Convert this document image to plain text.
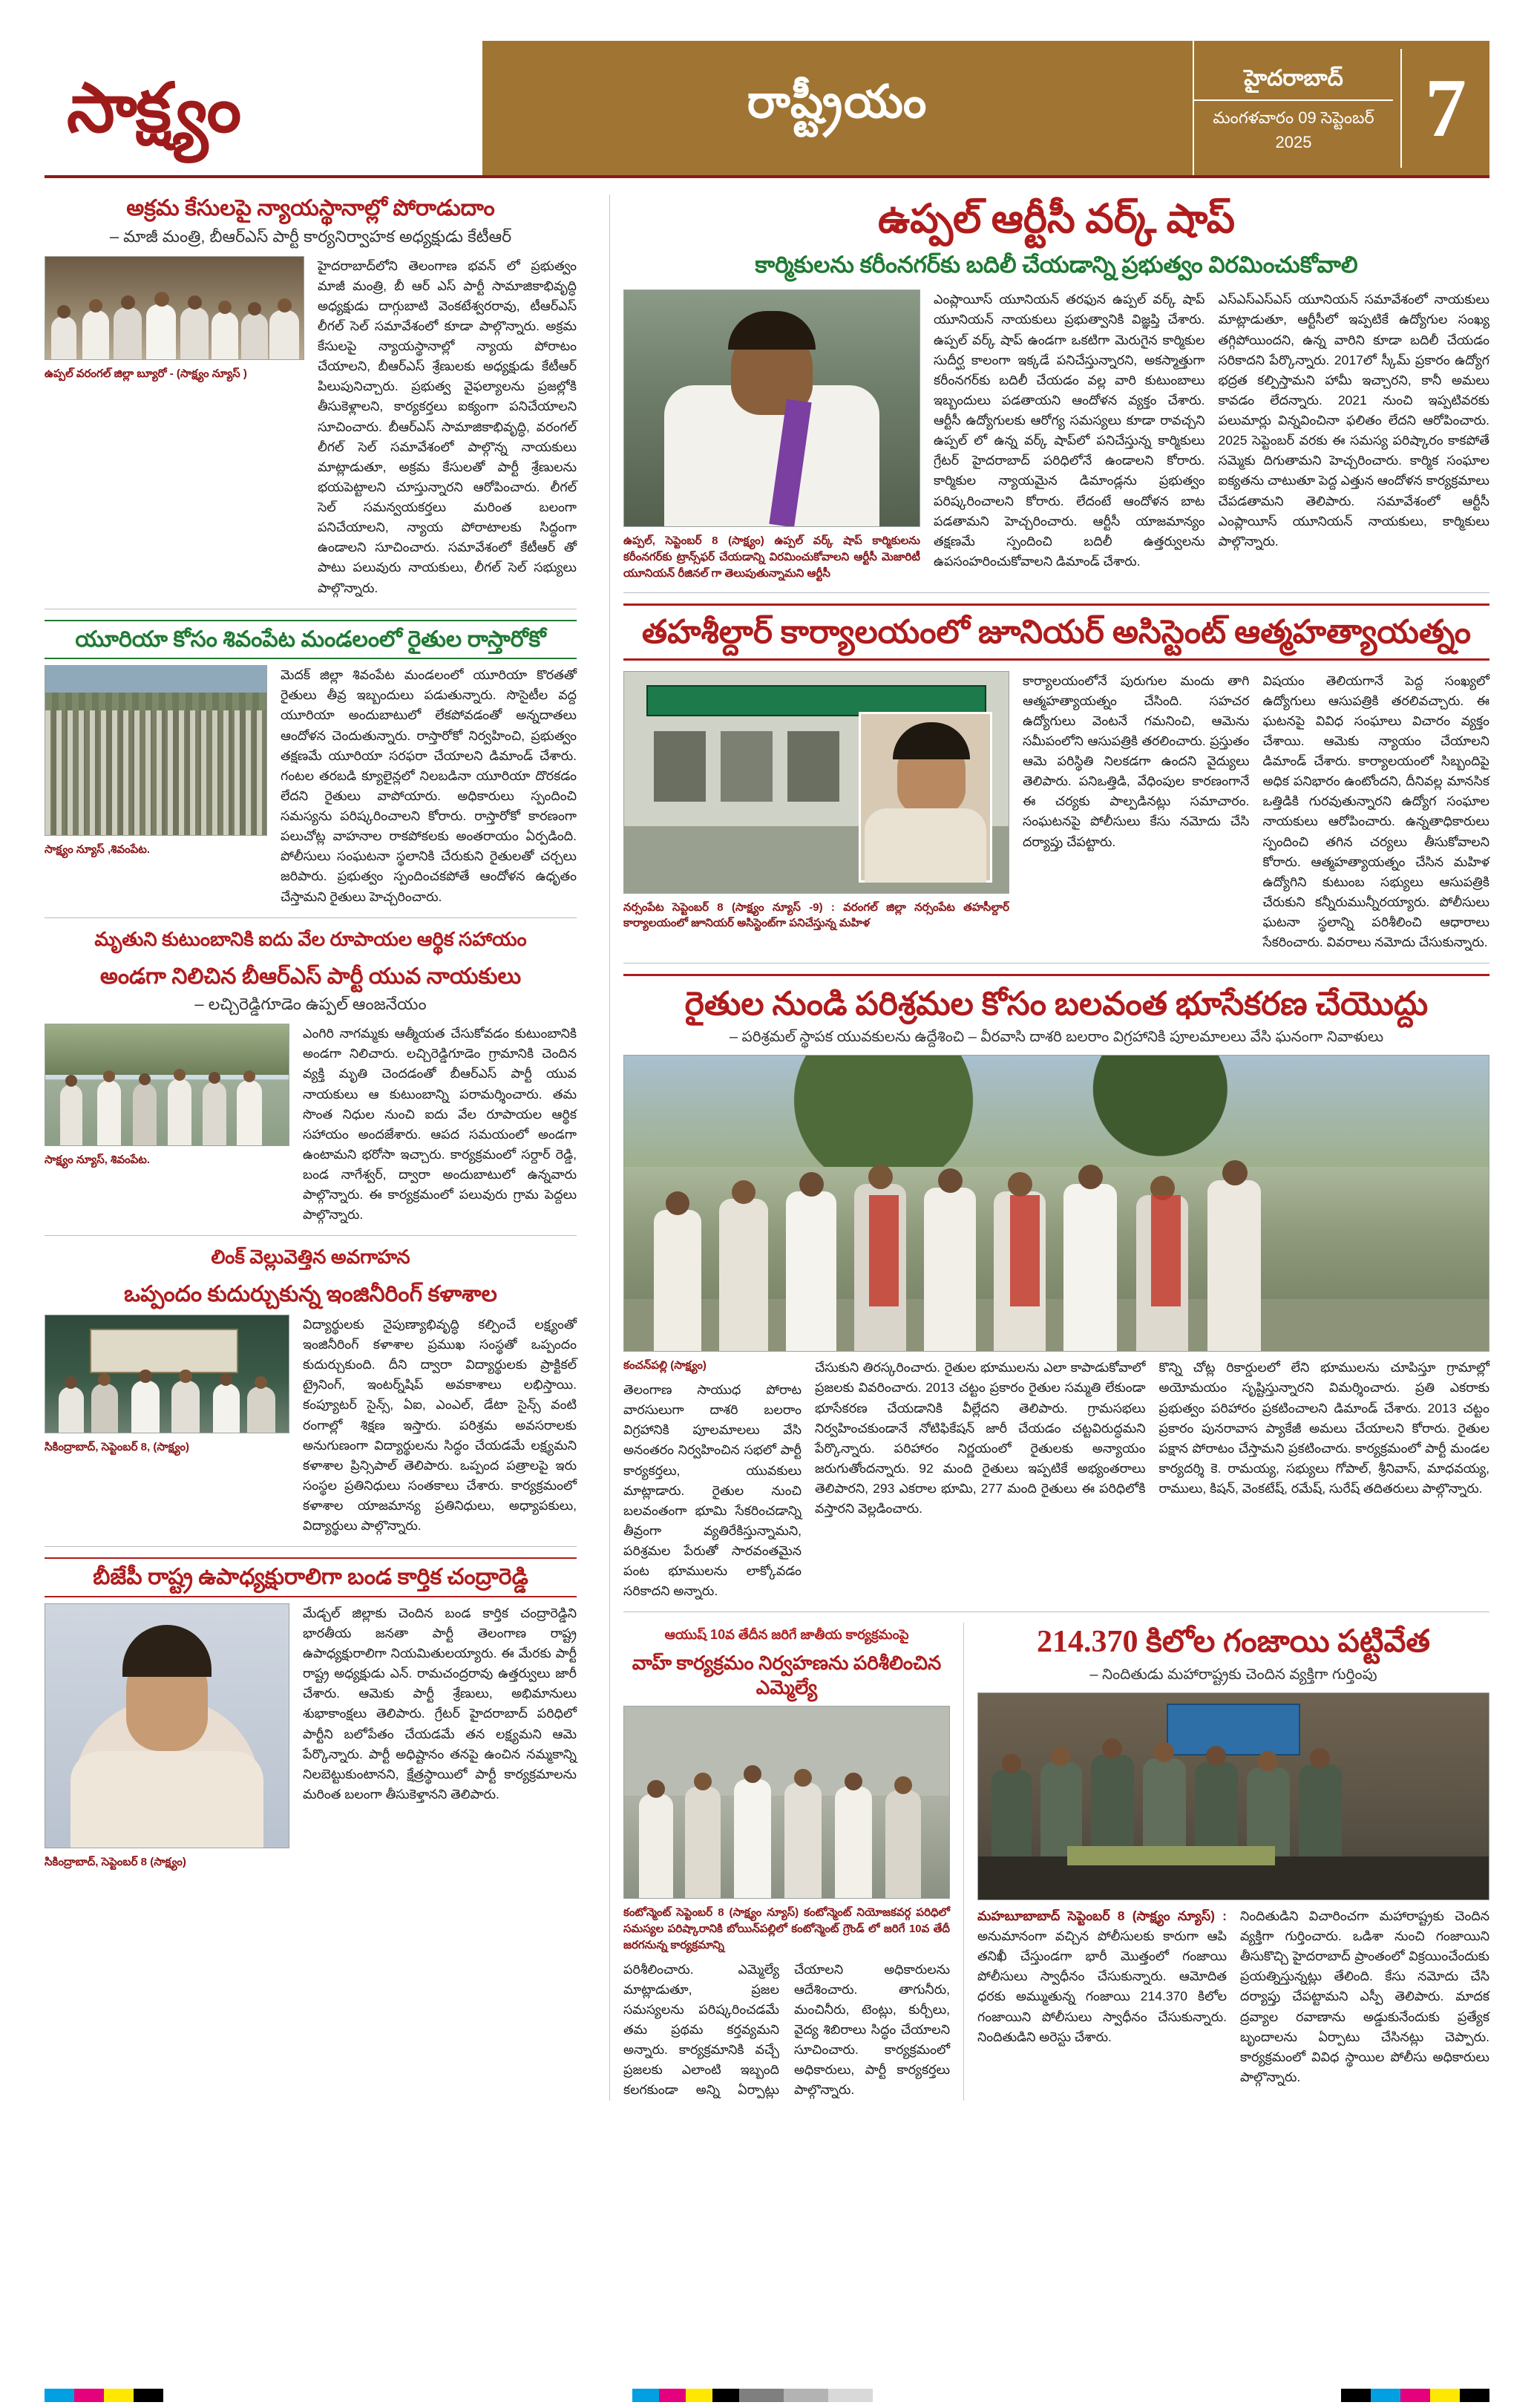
సాక్ష్యం	రాష్ట్రీయం	హైదరాబాద్
మంగళవారం 09 సెప్టెంబర్ 2025	7
అక్రమ కేసులపై న్యాయస్థానాల్లో పోరాడుదాం
– మాజీ మంత్రి, బీఆర్ఎస్ పార్టీ కార్యనిర్వాహక అధ్యక్షుడు కేటీఆర్
ఉప్పల్ వరంగల్ జిల్లా బ్యూరో - (సాక్ష్యం న్యూస్ )
హైదరాబాద్‌లోని తెలంగాణ భవన్ లో ప్రభుత్వం మాజీ మంత్రి, బీ ఆర్ ఎస్ పార్టీ సామాజికాభివృద్ధి అధ్యక్షుడు దాగ్గుబాటి వెంకటేశ్వరరావు, టీఆర్ఎస్ లీగల్ సెల్ సమావేశంలో కూడా పాల్గొన్నారు. అక్రమ కేసులపై న్యాయస్థానాల్లో న్యాయ పోరాటం చేయాలని, బీఆర్ఎస్ శ్రేణులకు అధ్యక్షుడు కేటీఆర్ పిలుపునిచ్చారు. ప్రభుత్వ వైఫల్యాలను ప్రజల్లోకి తీసుకెళ్లాలని, కార్యకర్తలు ఐక్యంగా పనిచేయాలని సూచించారు. బీఆర్ఎస్ సామాజికాభివృద్ధి, వరంగల్ లీగల్ సెల్ సమావేశంలో పాల్గొన్న నాయకులు మాట్లాడుతూ, అక్రమ కేసులతో పార్టీ శ్రేణులను భయపెట్టాలని చూస్తున్నారని ఆరోపించారు. లీగల్ సెల్ సమన్వయకర్తలు మరింత బలంగా పనిచేయాలని, న్యాయ పోరాటాలకు సిద్ధంగా ఉండాలని సూచించారు. సమావేశంలో కేటీఆర్ తో పాటు పలువురు నాయకులు, లీగల్ సెల్ సభ్యులు పాల్గొన్నారు.
యూరియా కోసం శివంపేట మండలంలో రైతుల రాస్తారోకో
సాక్ష్యం న్యూస్ ,శివంపేట.
మెదక్ జిల్లా శివంపేట మండలంలో యూరియా కొరతతో రైతులు తీవ్ర ఇబ్బందులు పడుతున్నారు. సొసైటీల వద్ద యూరియా అందుబాటులో లేకపోవడంతో అన్నదాతలు ఆందోళన చెందుతున్నారు. రాస్తారోకో నిర్వహించి, ప్రభుత్వం తక్షణమే యూరియా సరఫరా చేయాలని డిమాండ్ చేశారు. గంటల తరబడి క్యూలైన్లలో నిలబడినా యూరియా దొరకడం లేదని రైతులు వాపోయారు. అధికారులు స్పందించి సమస్యను పరిష్కరించాలని కోరారు. రాస్తారోకో కారణంగా పలుచోట్ల వాహనాల రాకపోకలకు అంతరాయం ఏర్పడింది. పోలీసులు సంఘటనా స్థలానికి చేరుకుని రైతులతో చర్చలు జరిపారు. ప్రభుత్వం స్పందించకపోతే ఆందోళన ఉధృతం చేస్తామని రైతులు హెచ్చరించారు.
మృతుని కుటుంబానికి ఐదు వేల రూపాయల ఆర్థిక సహాయం
అండగా నిలిచిన బీఆర్ఎస్ పార్టీ యువ నాయకులు
– లచ్చిరెడ్డిగూడెం ఉప్పల్ ఆంజనేయం
సాక్ష్యం న్యూస్, శివంపేట.
ఎంగిరి నాగమ్మకు ఆత్మీయత చేసుకోవడం కుటుంబానికి అండగా నిలిచారు. లచ్చిరెడ్డిగూడెం గ్రామానికి చెందిన వ్యక్తి మృతి చెందడంతో బీఆర్ఎస్ పార్టీ యువ నాయకులు ఆ కుటుంబాన్ని పరామర్శించారు. తమ సొంత నిధుల నుంచి ఐదు వేల రూపాయల ఆర్థిక సహాయం అందజేశారు. ఆపద సమయంలో అండగా ఉంటామని భరోసా ఇచ్చారు. కార్యక్రమంలో సర్దార్ రెడ్డి, బండ నాగేశ్వర్, ద్వారా అందుబాటులో ఉన్నవారు పాల్గొన్నారు. ఈ కార్యక్రమంలో పలువురు గ్రామ పెద్దలు పాల్గొన్నారు.
లింక్ వెల్లువెత్తిన అవగాహన
ఒప్పందం కుదుర్చుకున్న ఇంజినీరింగ్ కళాశాల
సికింద్రాబాద్, సెప్టెంబర్ 8, (సాక్ష్యం)
విద్యార్థులకు నైపుణ్యాభివృద్ధి కల్పించే లక్ష్యంతో ఇంజినీరింగ్ కళాశాల ప్రముఖ సంస్థతో ఒప్పందం కుదుర్చుకుంది. దీని ద్వారా విద్యార్థులకు ప్రాక్టికల్ ట్రైనింగ్, ఇంటర్న్‌షిప్ అవకాశాలు లభిస్తాయి. కంప్యూటర్ సైన్స్, ఏఐ, ఎంఎల్, డేటా సైన్స్ వంటి రంగాల్లో శిక్షణ ఇస్తారు. పరిశ్రమ అవసరాలకు అనుగుణంగా విద్యార్థులను సిద్ధం చేయడమే లక్ష్యమని కళాశాల ప్రిన్సిపాల్ తెలిపారు. ఒప్పంద పత్రాలపై ఇరు సంస్థల ప్రతినిధులు సంతకాలు చేశారు. కార్యక్రమంలో కళాశాల యాజమాన్య ప్రతినిధులు, అధ్యాపకులు, విద్యార్థులు పాల్గొన్నారు.
బీజేపీ రాష్ట్ర ఉపాధ్యక్షురాలిగా బండ కార్తిక చంద్రారెడ్డి
సికింద్రాబాద్, సెప్టెంబర్ 8 (సాక్ష్యం)
మేడ్చల్ జిల్లాకు చెందిన బండ కార్తిక చంద్రారెడ్డిని భారతీయ జనతా పార్టీ తెలంగాణ రాష్ట్ర ఉపాధ్యక్షురాలిగా నియమితులయ్యారు. ఈ మేరకు పార్టీ రాష్ట్ర అధ్యక్షుడు ఎన్. రామచంద్రరావు ఉత్తర్వులు జారీ చేశారు. ఆమెకు పార్టీ శ్రేణులు, అభిమానులు శుభాకాంక్షలు తెలిపారు. గ్రేటర్ హైదరాబాద్ పరిధిలో పార్టీని బలోపేతం చేయడమే తన లక్ష్యమని ఆమె పేర్కొన్నారు. పార్టీ అధిష్టానం తనపై ఉంచిన నమ్మకాన్ని నిలబెట్టుకుంటానని, క్షేత్రస్థాయిలో పార్టీ కార్యక్రమాలను మరింత బలంగా తీసుకెళ్తానని తెలిపారు.
ఉప్పల్ ఆర్టీసీ వర్క్ షాప్
కార్మికులను కరీంనగర్‌కు బదిలీ చేయడాన్ని ప్రభుత్వం విరమించుకోవాలి
ఉప్పల్, సెప్టెంబర్ 8 (సాక్ష్యం) ఉప్పల్ వర్క్ షాప్ కార్మికులను కరీంనగర్‌కు ట్రాన్స్‌ఫర్ చేయడాన్ని విరమించుకోవాలని ఆర్టీసీ మెజారిటీ యూనియన్ రీజినల్ గా తెలుపుతున్నామని ఆర్టీసీ
ఎంప్లాయీస్ యూనియన్ తరఫున ఉప్పల్ వర్క్ షాప్ యూనియన్ నాయకులు ప్రభుత్వానికి విజ్ఞప్తి చేశారు. ఉప్పల్ వర్క్ షాప్ ఉండగా ఒకటిగా మెరుగైన కార్మికుల సుదీర్ఘ కాలంగా ఇక్కడే పనిచేస్తున్నారని, అకస్మాత్తుగా కరీంనగర్‌కు బదిలీ చేయడం వల్ల వారి కుటుంబాలు ఇబ్బందులు పడతాయని ఆందోళన వ్యక్తం చేశారు. ఆర్టీసీ ఉద్యోగులకు ఆరోగ్య సమస్యలు కూడా రావచ్చని ఉప్పల్ లో ఉన్న వర్క్ షాప్‌లో పనిచేస్తున్న కార్మికులు గ్రేటర్ హైదరాబాద్ పరిధిలోనే ఉండాలని కోరారు. కార్మికుల న్యాయమైన డిమాండ్లను ప్రభుత్వం పరిష్కరించాలని కోరారు. లేదంటే ఆందోళన బాట పడతామని హెచ్చరించారు. ఆర్టీసీ యాజమాన్యం తక్షణమే స్పందించి బదిలీ ఉత్తర్వులను ఉపసంహరించుకోవాలని డిమాండ్ చేశారు.
ఎస్ఎస్ఎస్ఎస్ యూనియన్ సమావేశంలో నాయకులు మాట్లాడుతూ, ఆర్టీసీలో ఇప్పటికే ఉద్యోగుల సంఖ్య తగ్గిపోయిందని, ఉన్న వారిని కూడా బదిలీ చేయడం సరికాదని పేర్కొన్నారు. 2017లో స్కీమ్ ప్రకారం ఉద్యోగ భద్రత కల్పిస్తామని హామీ ఇచ్చారని, కానీ అమలు కావడం లేదన్నారు. 2021 నుంచి ఇప్పటివరకు పలుమార్లు విన్నవించినా ఫలితం లేదని ఆరోపించారు. 2025 సెప్టెంబర్ వరకు ఈ సమస్య పరిష్కారం కాకపోతే సమ్మెకు దిగుతామని హెచ్చరించారు. కార్మిక సంఘాల ఐక్యతను చాటుతూ పెద్ద ఎత్తున ఆందోళన కార్యక్రమాలు చేపడతామని తెలిపారు. సమావేశంలో ఆర్టీసీ ఎంప్లాయీస్ యూనియన్ నాయకులు, కార్మికులు పాల్గొన్నారు.
తహశీల్దార్ కార్యాలయంలో జూనియర్ అసిస్టెంట్ ఆత్మహత్యాయత్నం
నర్సంపేట సెప్టెంబర్ 8 (సాక్ష్యం న్యూస్ -9) : వరంగల్ జిల్లా నర్సంపేట తహసీల్దార్ కార్యాలయంలో జూనియర్ అసిస్టెంట్‌గా పనిచేస్తున్న మహిళ
కార్యాలయంలోనే పురుగుల మందు తాగి ఆత్మహత్యాయత్నం చేసింది. సహచర ఉద్యోగులు వెంటనే గమనించి, ఆమెను సమీపంలోని ఆసుపత్రికి తరలించారు. ప్రస్తుతం ఆమె పరిస్థితి నిలకడగా ఉందని వైద్యులు తెలిపారు. పనిఒత్తిడి, వేధింపుల కారణంగానే ఈ చర్యకు పాల్పడినట్లు సమాచారం. సంఘటనపై పోలీసులు కేసు నమోదు చేసి దర్యాప్తు చేపట్టారు.
విషయం తెలియగానే పెద్ద సంఖ్యలో ఉద్యోగులు ఆసుపత్రికి తరలివచ్చారు. ఈ ఘటనపై వివిధ సంఘాలు విచారం వ్యక్తం చేశాయి. ఆమెకు న్యాయం చేయాలని డిమాండ్ చేశారు. కార్యాలయంలో సిబ్బందిపై అధిక పనిభారం ఉంటోందని, దీనివల్ల మానసిక ఒత్తిడికి గురవుతున్నారని ఉద్యోగ సంఘాల నాయకులు ఆరోపించారు. ఉన్నతాధికారులు స్పందించి తగిన చర్యలు తీసుకోవాలని కోరారు. ఆత్మహత్యాయత్నం చేసిన మహిళ ఉద్యోగిని కుటుంబ సభ్యులు ఆసుపత్రికి చేరుకుని కన్నీరుమున్నీరయ్యారు. పోలీసులు ఘటనా స్థలాన్ని పరిశీలించి ఆధారాలు సేకరించారు. వివరాలు నమోదు చేసుకున్నారు.
రైతుల నుండి పరిశ్రమల కోసం బలవంత భూసేకరణ చేయొద్దు
– పరిశ్రమల్ స్థాపక యువకులను ఉద్దేశించి – వీరవాసి దాశరి బలరాం విగ్రహానికి పూలమాలలు వేసి ఘనంగా నివాళులు
కంచన్‌పల్లి (సాక్ష్యం)
తెలంగాణ సాయుధ పోరాట వారసులుగా దాశరి బలరాం విగ్రహానికి పూలమాలలు వేసి అనంతరం నిర్వహించిన సభలో పార్టీ కార్యకర్తలు, యువకులు మాట్లాడారు. రైతుల నుంచి బలవంతంగా భూమి సేకరించడాన్ని తీవ్రంగా వ్యతిరేకిస్తున్నామని, పరిశ్రమల పేరుతో సారవంతమైన పంట భూములను లాక్కోవడం సరికాదని అన్నారు.
చేసుకుని తిరస్కరించారు. రైతుల భూములను ఎలా కాపాడుకోవాలో ప్రజలకు వివరించారు. 2013 చట్టం ప్రకారం రైతుల సమ్మతి లేకుండా భూసేకరణ చేయడానికి వీల్లేదని తెలిపారు. గ్రామసభలు నిర్వహించకుండానే నోటిఫికేషన్ జారీ చేయడం చట్టవిరుద్ధమని పేర్కొన్నారు. పరిహారం నిర్ణయంలో రైతులకు అన్యాయం జరుగుతోందన్నారు. 92 మంది రైతులు ఇప్పటికే అభ్యంతరాలు తెలిపారని, 293 ఎకరాల భూమి, 277 మంది రైతులు ఈ పరిధిలోకి వస్తారని వెల్లడించారు.
కొన్ని చోట్ల రికార్డులలో లేని భూములను చూపిస్తూ గ్రామాల్లో అయోమయం సృష్టిస్తున్నారని విమర్శించారు. ప్రతి ఎకరాకు ప్రభుత్వం పరిహారం ప్రకటించాలని డిమాండ్ చేశారు. 2013 చట్టం ప్రకారం పునరావాస ప్యాకేజీ అమలు చేయాలని కోరారు. రైతుల పక్షాన పోరాటం చేస్తామని ప్రకటించారు. కార్యక్రమంలో పార్టీ మండల కార్యదర్శి కె. రామయ్య, సభ్యులు గోపాల్, శ్రీనివాస్, మాధవయ్య, రాములు, కిషన్, వెంకటేష్, రమేష్, సురేష్ తదితరులు పాల్గొన్నారు.
ఆయుష్ 10వ తేదీన జరిగే జాతీయ కార్యక్రమంపై
వాహ్ కార్యక్రమం నిర్వహణను పరిశీలించిన ఎమ్మెల్యే
కంటోన్మెంట్ సెప్టెంబర్ 8 (సాక్ష్యం న్యూస్) కంటోన్మెంట్ నియోజకవర్గ పరిధిలో సమస్యల పరిష్కారానికి బోయిన్‌పల్లిలో కంటోన్మెంట్ గ్రౌండ్ లో జరిగే 10వ తేదీ జరగనున్న కార్యక్రమాన్ని
పరిశీలించారు. ఎమ్మెల్యే మాట్లాడుతూ, ప్రజల సమస్యలను పరిష్కరించడమే తమ ప్రథమ కర్తవ్యమని అన్నారు. కార్యక్రమానికి వచ్చే ప్రజలకు ఎలాంటి ఇబ్బంది కలగకుండా అన్ని ఏర్పాట్లు చేయాలని అధికారులను ఆదేశించారు. తాగునీరు, మంచినీరు, టెంట్లు, కుర్చీలు, వైద్య శిబిరాలు సిద్ధం చేయాలని సూచించారు. కార్యక్రమంలో అధికారులు, పార్టీ కార్యకర్తలు పాల్గొన్నారు.
214.370 కిలోల గంజాయి పట్టివేత
– నిందితుడు మహారాష్ట్రకు చెందిన వ్యక్తిగా గుర్తింపు
మహబూబాబాద్ సెప్టెంబర్ 8 (సాక్ష్యం న్యూస్) : అనుమానంగా వచ్చిన పోలీసులకు కారుగా ఆపి తనిఖీ చేస్తుండగా భారీ మొత్తంలో గంజాయి పోలీసులు స్వాధీనం చేసుకున్నారు. ఆమోదిత ధరకు అమ్ముతున్న గంజాయి 214.370 కిలోల గంజాయిని పోలీసులు స్వాధీనం చేసుకున్నారు. నిందితుడిని అరెస్టు చేశారు.
నిందితుడిని విచారించగా మహారాష్ట్రకు చెందిన వ్యక్తిగా గుర్తించారు. ఒడిశా నుంచి గంజాయిని తీసుకొచ్చి హైదరాబాద్ ప్రాంతంలో విక్రయించేందుకు ప్రయత్నిస్తున్నట్లు తేలింది. కేసు నమోదు చేసి దర్యాప్తు చేపట్టామని ఎస్పీ తెలిపారు. మాదక ద్రవ్యాల రవాణాను అడ్డుకునేందుకు ప్రత్యేక బృందాలను ఏర్పాటు చేసినట్లు చెప్పారు. కార్యక్రమంలో వివిధ స్థాయిల పోలీసు అధికారులు పాల్గొన్నారు.
